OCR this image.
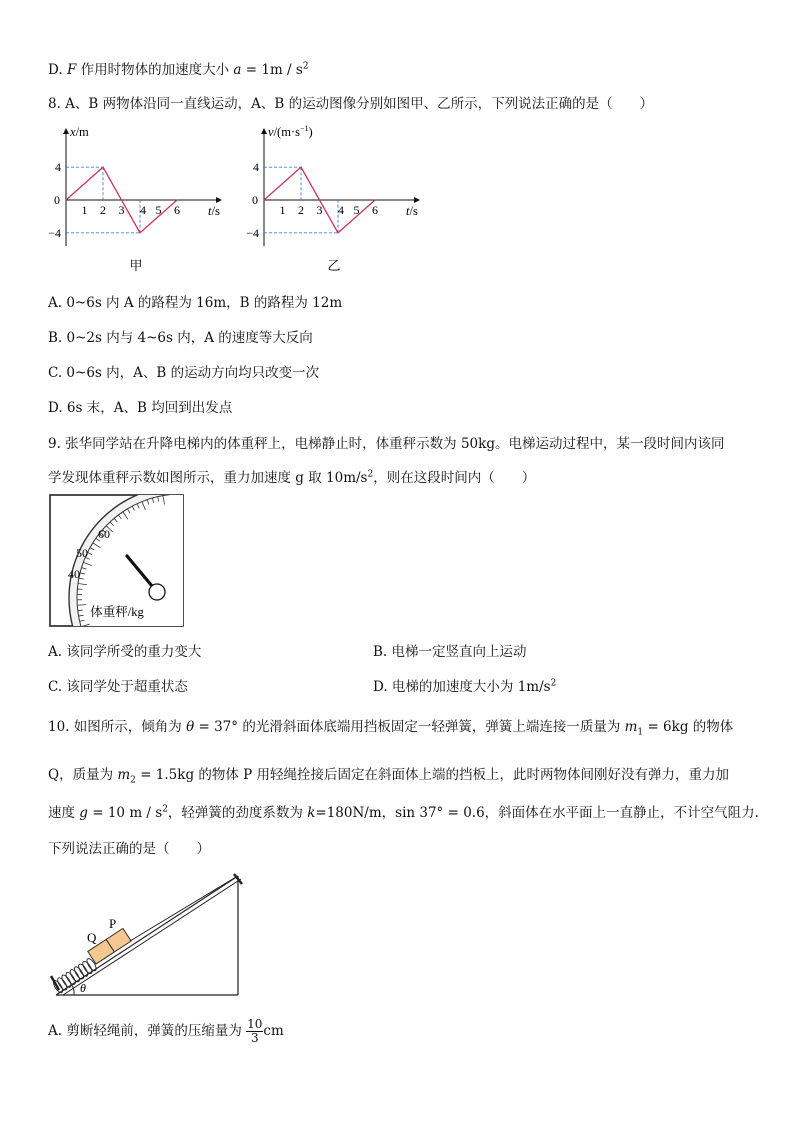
D. F 作用时物体的加速度大小 $a = 1m / s^2$
8. A、B 两物体沿同一直线运动，A、B 的运动图像分别如图甲、乙所示，下列说法正确的是（　　）
1 2 3 4 5 6
4
0
−4
x/m
t/s
甲
1 2 3 4 5 6
4
0
−4
$v/(m\cdot s^{-1})$
t/s
乙
A. 0~6s 内 A 的路程为 16m，B 的路程为 12m
B. 0~2s 内与 4~6s 内，A 的速度等大反向
C. 0~6s 内，A、B 的运动方向均只改变一次
D. 6s 末，A、B 均回到出发点
9. 张华同学站在升降电梯内的体重秤上，电梯静止时，体重秤示数为 50kg。电梯运动过程中，某一段时间内该同
学发现体重秤示数如图所示，重力加速度 g 取 $10m/s^2$，则在这段时间内（　　）
60
50
40
体重秤/kg
A. 该同学所受的重力变大	B. 电梯一定竖直向上运动
C. 该同学处于超重状态	D. 电梯的加速度大小为 $1m/s^2$
10. 如图所示，倾角为 θ = 37° 的光滑斜面体底端用挡板固定一轻弹簧，弹簧上端连接一质量为 $m_1 = 6kg$ 的物体
Q，质量为 $m_2 = 1.5kg$ 的物体 P 用轻绳拴接后固定在斜面体上端的挡板上，此时两物体间刚好没有弹力，重力加
速度 g = 10 m / $s^2$，轻弹簧的劲度系数为 k=180N/m，sin 37° = 0.6，斜面体在水平面上一直静止，不计空气阻力.
下列说法正确的是（　　）
Q
P
θ
A. 剪断轻绳前，弹簧的压缩量为 $\frac{10}{3}$ cm
